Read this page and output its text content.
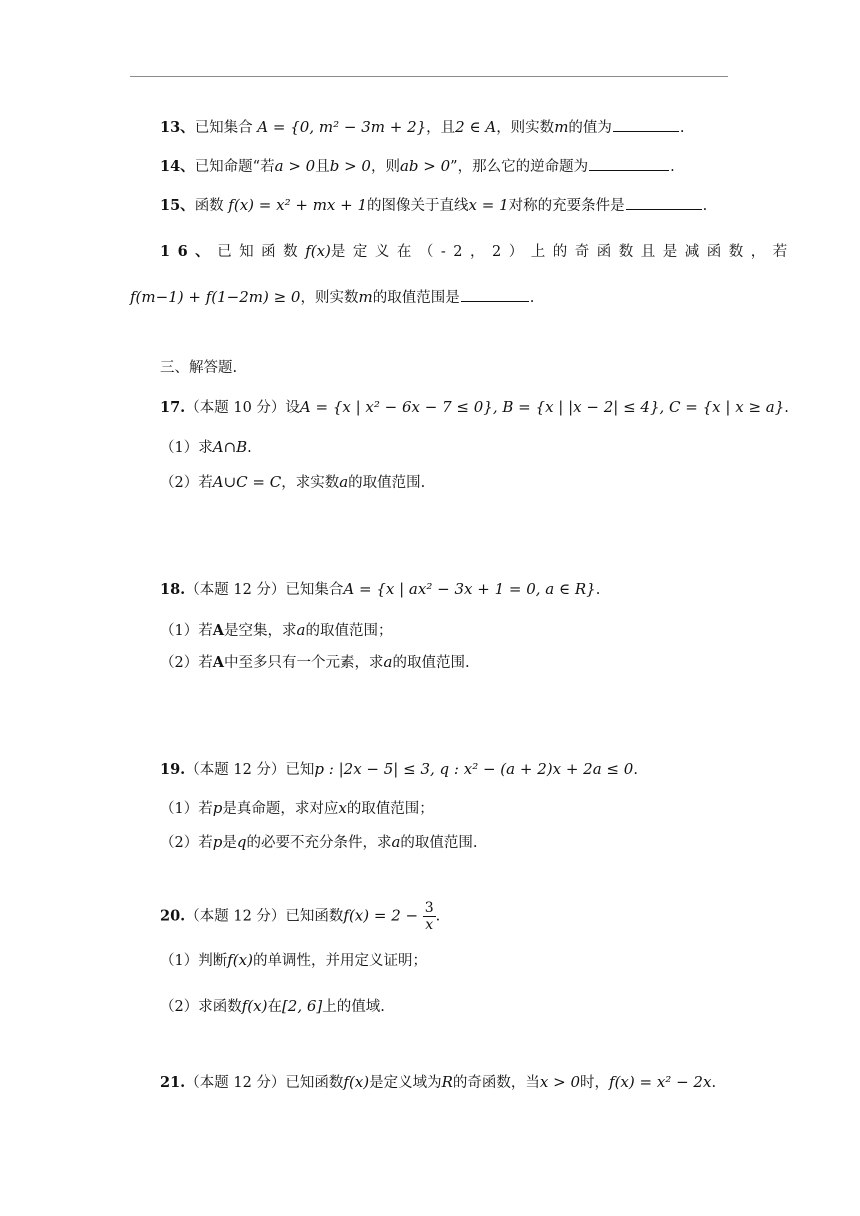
13、已知集合 A = {0, m² − 3m + 2}，且2 ∈ A，则实数m的值为	.
14、已知命题“若a > 0且b > 0，则ab > 0”，那么它的逆命题为	.
15、函数 f(x) = x² + mx + 1的图像关于直线x = 1对称的充要条件是	.
16、已知函数f(x)是定义在（-2，2）上的奇函数且是减函数，若
f(m−1) + f(1−2m) ≥ 0，则实数m的取值范围是	.
三、解答题.
17.（本题 10 分）设A = {x | x² − 6x − 7 ≤ 0}, B = {x | |x − 2| ≤ 4}, C = {x | x ≥ a}.
（1）求A∩B.
（2）若A∪C = C，求实数a的取值范围.
18.（本题 12 分）已知集合A = {x | ax² − 3x + 1 = 0, a ∈ R}.
（1）若A是空集，求a的取值范围；
（2）若A中至多只有一个元素，求a的取值范围.
19.（本题 12 分）已知p : |2x − 5| ≤ 3, q : x² − (a + 2)x + 2a ≤ 0.
（1）若p是真命题，求对应x的取值范围；
（2）若p是q的必要不充分条件，求a的取值范围.
20.（本题 12 分）已知函数$f(x) = 2 - \frac{3}{x}$ .
（1）判断f(x)的单调性，并用定义证明；
（2）求函数f(x)在[2, 6]上的值域.
21.（本题 12 分）已知函数f(x)是定义域为R的奇函数，当x > 0时，f(x) = x² − 2x.
